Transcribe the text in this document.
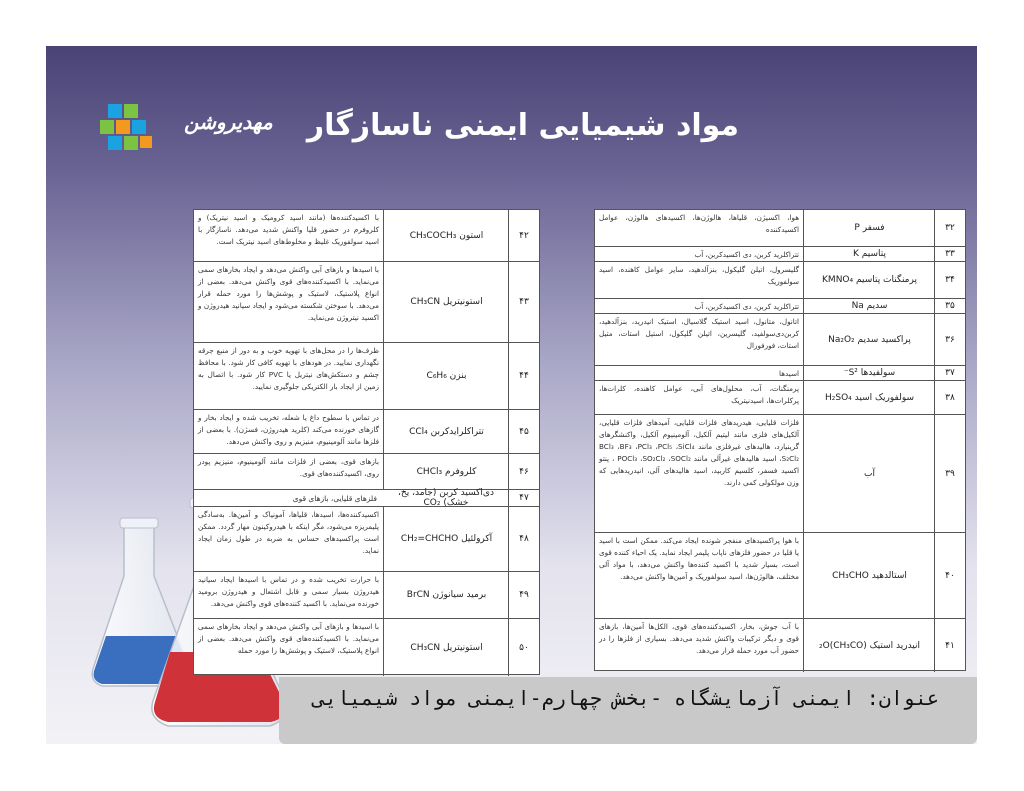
مواد شیمیایی ایمنی ناسازگار
مهدیروشن
۳۲
فسفر P
هوا، اکسیژن، قلیاها، هالوژن‌ها، اکسیدهای هالوژن، عوامل اکسیدکننده
۳۳
پتاسیم K
تتراکلرید کربن، دی اکسیدکربن، آب
۳۴
پرمنگنات پتاسیم KMNO₄
گلیسرول، اتیلن گلیکول، بنزآلدهید، سایر عوامل کاهنده، اسید سولفوریک
۳۵
سدیم Na
تتراکلرید کربن، دی اکسیدکربن، آب
۳۶
پراکسید سدیم Na₂O₂
اتانول، متانول، اسید استیک گلاسیال، استیک انیدرید، بنزآلدهید، کربن‌دی‌سولفید، گلیسرین، اتیلن گلیکول، استیل استات، متیل استات، فورفورال
۳۷
سولفیدها S²⁻
اسیدها
۳۸
سولفوریک اسید H₂SO₄
پرمنگنات، آب، محلول‌های آبی، عوامل کاهنده، کلرات‌ها، پرکلرات‌ها، اسیدنیتریک
۳۹
آب
فلزات قلیایی، هیدریدهای فلزات قلیایی، آمیدهای فلزات قلیایی، آلکیل‌های فلزی مانند لیتیم آلکیل، آلومینیوم آلکیل، واکنشگرهای گرینیارد، هالیدهای غیرفلزی مانند BCl₃ ،BF₃ ،PCl₃ ،PCl₅ ،SiCl₄ ،S₂Cl₂ اسید هالیدهای غیرآلی مانند POCl₃ ،SO₂Cl₂ ،SOCl₂ ، پنتو اکسید فسفر، کلسیم کاربید، اسید هالیدهای آلی، انیدریدهایی که وزن مولکولی کمی دارند.
۴۰
استالدهید CH₃CHO
با هوا پراکسیدهای منفجر شونده ایجاد می‌کند. ممکن است با اسید یا قلیا در حضور فلزهای ناپاب پلیمر ایجاد نماید. یک احیاء کننده قوی است، بسیار شدید با اکسید کننده‌ها واکنش می‌دهد، با مواد آلی مختلف، هالوژن‌ها، اسید سولفوریک و آمین‌ها واکنش می‌دهد.
۴۱
انیدرید استیک (CH₃CO)₂O
با آب جوش، بخار، اکسیدکننده‌های قوی، الکل‌ها آمین‌ها، بازهای قوی و دیگر ترکیبات واکنش شدید می‌دهد. بسیاری از فلزها را در حضور آب مورد حمله قرار می‌دهد.
۴۲
استون CH₃COCH₃
با اکسیدکننده‌ها (مانند اسید کرومیک و اسید نیتریک) و کلروفرم در حضور قلیا واکنش شدید می‌دهد. ناسازگار با اسید سولفوریک غلیظ و مخلوط‌های اسید نیتریک است.
۴۳
استونیتریل CH₃CN
با اسیدها و بازهای آبی واکنش می‌دهد و ایجاد بخارهای سمی می‌نماید. با اکسیدکننده‌های قوی واکنش می‌دهد. بعضی از انواع پلاستیک، لاستیک و پوشش‌ها را مورد حمله قرار می‌دهد. با سوختن شکسته می‌شود و ایجاد سیانید هیدروژن و اکسید نیتروژن می‌نماید.
۴۴
بنزن C₆H₆
ظرف‌ها را در محل‌های با تهویه خوب و به دور از منبع جرقه نگهداری نمایید. در هودهای با تهویه کافی کار شود. با محافظ چشم و دستکش‌های نیتریل یا PVC کار شود. با اتصال به زمین از ایجاد بار الکتریکی جلوگیری نمایید.
۴۵
تتراکلرایدکربن CCl₄
در تماس با سطوح داغ یا شعله، تخریب شده و ایجاد بخار و گازهای خورنده می‌کند (کلرید هیدروژن، فسژن). با بعضی از فلزها مانند آلومینیوم، منیزیم و روی واکنش می‌دهد.
۴۶
کلروفرم CHCl₃
بازهای قوی، بعضی از فلزات مانند آلومینیوم، منیزیم پودر روی، اکسیدکننده‌های قوی.
۴۷
دی‌اکسید کربن (جامد، یخ، خشک) CO₂
فلزهای قلیایی، بازهای قوی
۴۸
آکرولئیل CH₂=CHCHO
اکسیدکننده‌ها، اسیدها، قلیاها، آمونیاک و آمین‌ها. به‌سادگی پلیمریزه می‌شود، مگر اینکه با هیدروکینون مهار گردد. ممکن است پراکسیدهای حساس به ضربه در طول زمان ایجاد نماید.
۴۹
برمید سیانوژن BrCN
با حرارت تخریب شده و در تماس با اسیدها ایجاد سیانید هیدروژن بسیار سمی و قابل اشتعال و هیدروژن برومید خورنده می‌نماید. با اکسید کننده‌های قوی واکنش می‌دهد.
۵۰
استونیتریل CH₃CN
با اسیدها و بازهای آبی واکنش می‌دهد و ایجاد بخارهای سمی می‌نماید. با اکسیدکننده‌های قوی واکنش می‌دهد. بعضی از انواع پلاستیک، لاستیک و پوشش‌ها را مورد حمله
عنوان: ایمنی آزمایشگاه -بخش چهارم-ایمنی مواد شیمیایی
